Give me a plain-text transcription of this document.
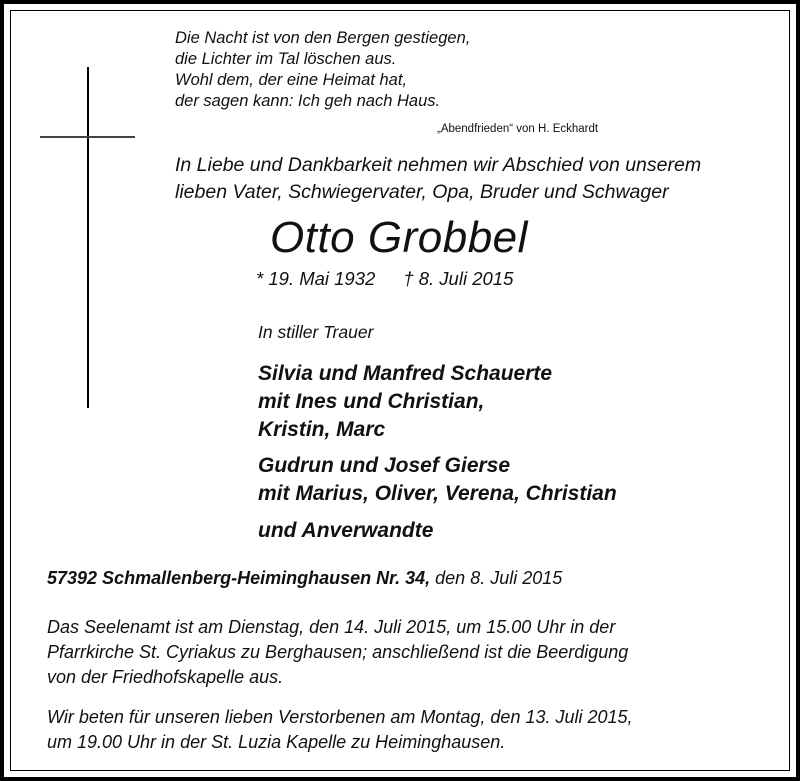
Die Nacht ist von den Bergen gestiegen,
die Lichter im Tal löschen aus.
Wohl dem, der eine Heimat hat,
der sagen kann: Ich geh nach Haus.
„Abendfrieden“ von H. Eckhardt
In Liebe und Dankbarkeit nehmen wir Abschied von unserem
lieben Vater, Schwiegervater, Opa, Bruder und Schwager
Otto Grobbel
* 19. Mai 1932 † 8. Juli 2015
In stiller Trauer
Silvia und Manfred Schauerte
mit Ines und Christian,
Kristin, Marc
Gudrun und Josef Gierse
mit Marius, Oliver, Verena, Christian
und Anverwandte
57392 Schmallenberg-Heiminghausen Nr. 34, den 8. Juli 2015
Das Seelenamt ist am Dienstag, den 14. Juli 2015, um 15.00 Uhr in der
Pfarrkirche St. Cyriakus zu Berghausen; anschließend ist die Beerdigung
von der Friedhofskapelle aus.
Wir beten für unseren lieben Verstorbenen am Montag, den 13. Juli 2015,
um 19.00 Uhr in der St. Luzia Kapelle zu Heiminghausen.
